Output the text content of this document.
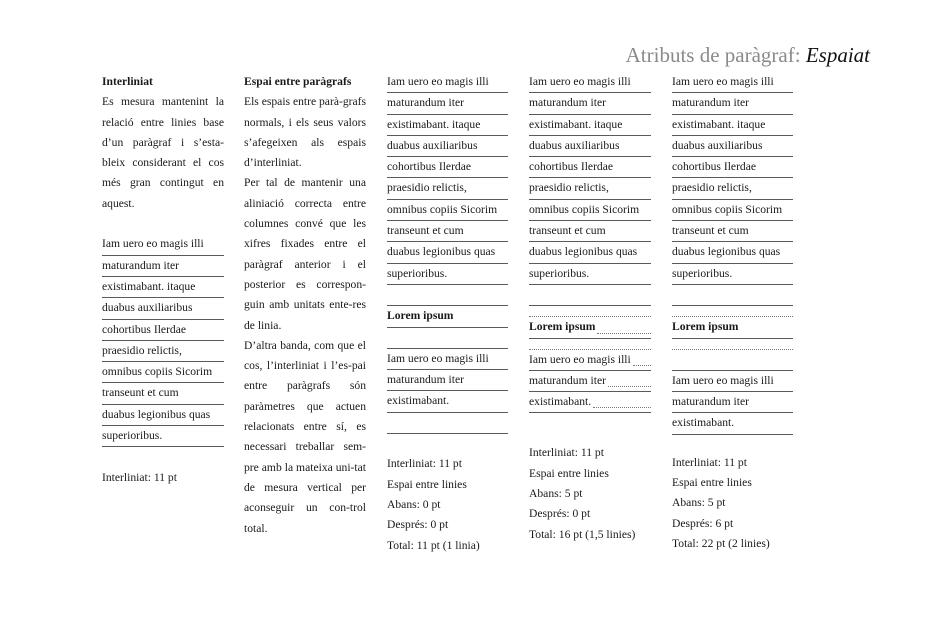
Atributs de paràgraf: Espaiat
Interliniat
Es mesura mantenint la relació entre linies base d’un paràgraf i s’esta-bleix considerant el cos més gran contingut en aquest.
Iam uero eo magis illi
maturandum iter
existimabant. itaque
duabus auxiliaribus
cohortibus Ilerdae
praesidio relictis,
omnibus copiis Sicorim
transeunt et cum
duabus legionibus quas
superioribus.
Interliniat: 11 pt
Espai entre paràgrafs
Els espais entre parà-grafs normals, i els seus valors s’afegeixen als espais d’interliniat.
Per tal de mantenir una aliniació correcta entre columnes convé que les xifres fixades entre el paràgraf anterior i el posterior es correspon-guin amb unitats ente-res de linia.
D’altra banda, com que el cos, l’interliniat i l’es-pai entre paràgrafs són paràmetres que actuen relacionats entre sí, es necessari treballar sem-pre amb la mateixa uni-tat de mesura vertical per aconseguir un con-trol total.
Iam uero eo magis illi
maturandum iter
existimabant. itaque
duabus auxiliaribus
cohortibus Ilerdae
praesidio relictis,
omnibus copiis Sicorim
transeunt et cum
duabus legionibus quas
superioribus.
Lorem ipsum
Iam uero eo magis illi
maturandum iter
existimabant.
Interliniat: 11 pt
Espai entre linies
Abans: 0 pt
Després: 0 pt
Total: 11 pt (1 linia)
Iam uero eo magis illi
maturandum iter
existimabant. itaque
duabus auxiliaribus
cohortibus Ilerdae
praesidio relictis,
omnibus copiis Sicorim
transeunt et cum
duabus legionibus quas
superioribus.
Lorem ipsum
Iam uero eo magis illi
maturandum iter
existimabant.
Interliniat: 11 pt
Espai entre linies
Abans: 5 pt
Després: 0 pt
Total: 16 pt (1,5 linies)
Iam uero eo magis illi
maturandum iter
existimabant. itaque
duabus auxiliaribus
cohortibus Ilerdae
praesidio relictis,
omnibus copiis Sicorim
transeunt et cum
duabus legionibus quas
superioribus.
Lorem ipsum
Iam uero eo magis illi
maturandum iter
existimabant.
Interliniat: 11 pt
Espai entre linies
Abans: 5 pt
Després: 6 pt
Total: 22 pt (2 linies)
